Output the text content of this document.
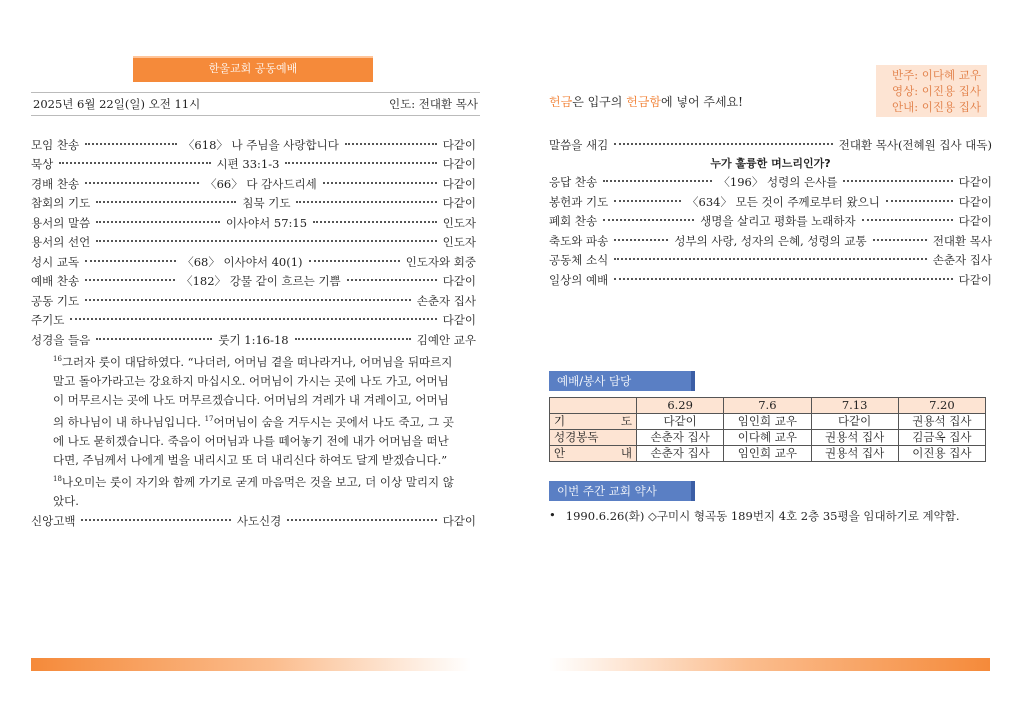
한울교회 공동예배
2025년 6월 22일(일) 오전 11시	인도: 전대환 목사
모임 찬송	〈618〉 나 주님을 사랑합니다	다같이
묵상	시편 33:1-3	다같이
경배 찬송	〈66〉 다 감사드리세	다같이
참회의 기도	침묵 기도	다같이
용서의 말씀	이사야서 57:15	인도자
용서의 선언	인도자
성시 교독	〈68〉 이사야서 40(1)	인도자와 회중
예배 찬송	〈182〉 강물 같이 흐르는 기쁨	다같이
공동 기도	손춘자 집사
주기도	다같이
성경을 들음	룻기 1:16-18	김예안 교우
$^{16}$그러자 룻이 대답하였다. “나더러, 어머님 곁을 떠나라거나, 어머님을 뒤따르지 말고 돌아가라고는 강요하지 마십시오. 어머님이 가시는 곳에 나도 가고, 어머님이 머무르시는 곳에 나도 머무르겠습니다. 어머님의 겨레가 내 겨레이고, 어머님의 하나님이 내 하나님입니다. $^{17}$어머님이 숨을 거두시는 곳에서 나도 죽고, 그 곳에 나도 묻히겠습니다. 죽음이 어머님과 나를 떼어놓기 전에 내가 어머님을 떠난다면, 주님께서 나에게 벌을 내리시고 또 더 내리신다 하여도 달게 받겠습니다.” $^{18}$나오미는 룻이 자기와 함께 가기로 굳게 마음먹은 것을 보고, 더 이상 말리지 않았다.
신앙고백	사도신경	다같이
헌금은 입구의 헌금함에 넣어 주세요!
반주: 이다혜 교우
영상: 이진용 집사
안내: 이진용 집사
말씀을 새김	전대환 목사(전혜원 집사 대독)
누가 훌륭한 며느리인가?
응답 찬송	〈196〉 성령의 은사를	다같이
봉헌과 기도	〈634〉 모든 것이 주께로부터 왔으니	다같이
폐회 찬송	생명을 살리고 평화를 노래하자	다같이
축도와 파송	성부의 사랑, 성자의 은혜, 성령의 교통	전대환 목사
공동체 소식	손춘자 집사
일상의 예배	다같이
예배/봉사 담당
	6.29	7.6	7.13	7.20
기 도	다같이	임인희 교우	다같이	권용석 집사
성경봉독	손춘자 집사	이다혜 교우	권용석 집사	김금옥 집사
안 내	손춘자 집사	임인희 교우	권용석 집사	이진용 집사
이번 주간 교회 약사
• 1990.6.26(화) ◇구미시 형곡동 189번지 4호 2층 35평을 임대하기로 계약함.
